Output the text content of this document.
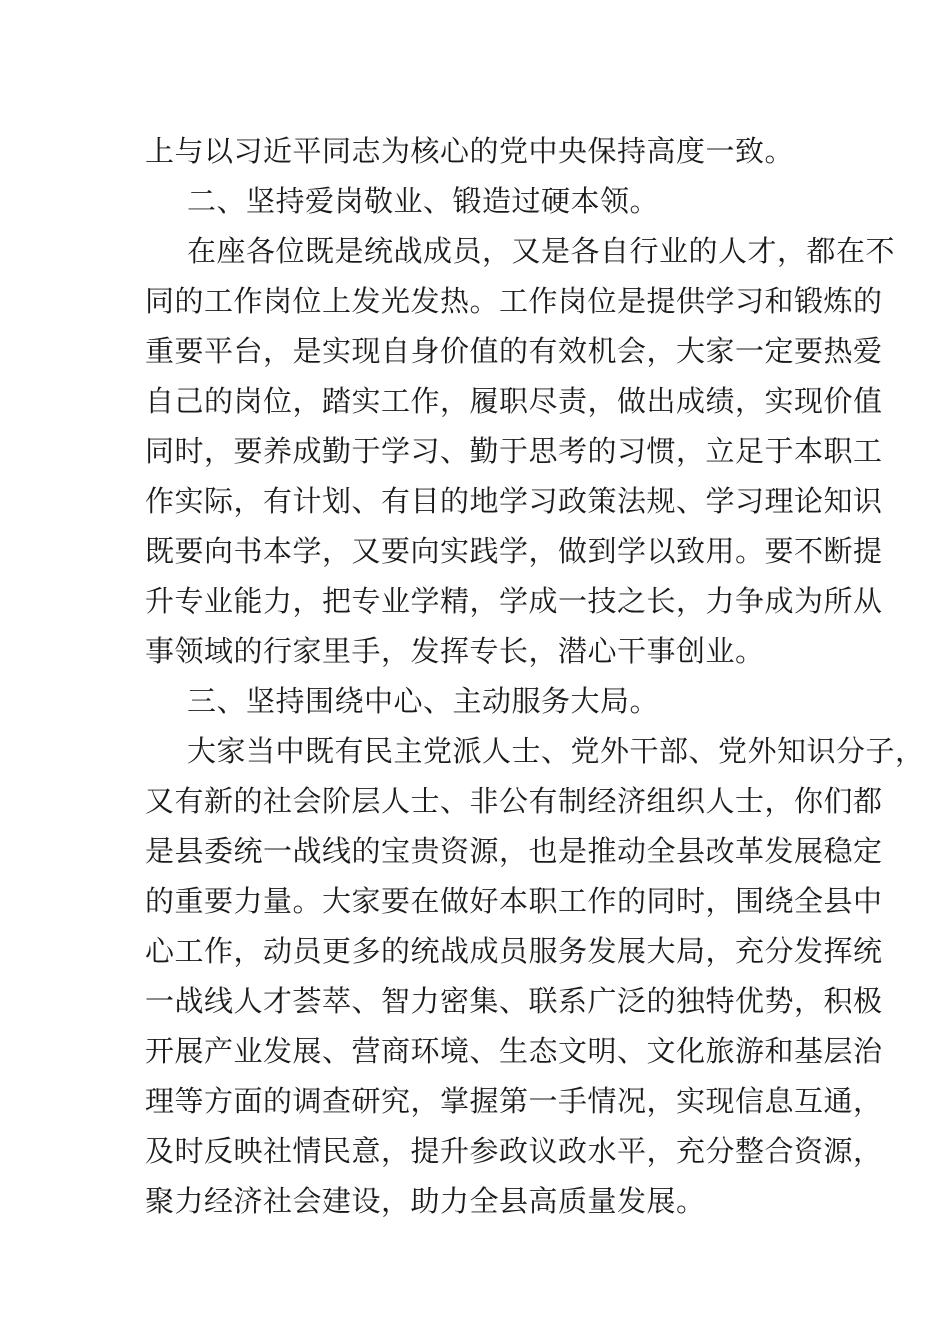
上与以习近平同志为核心的党中央保持高度一致。
二、坚持爱岗敬业、锻造过硬本领。
在座各位既是统战成员，又是各自行业的人才，都在不
同的工作岗位上发光发热。工作岗位是提供学习和锻炼的
重要平台，是实现自身价值的有效机会，大家一定要热爱
自己的岗位，踏实工作，履职尽责，做出成绩，实现价值
同时，要养成勤于学习、勤于思考的习惯，立足于本职工
作实际，有计划、有目的地学习政策法规、学习理论知识
既要向书本学，又要向实践学，做到学以致用。要不断提
升专业能力，把专业学精，学成一技之长，力争成为所从
事领域的行家里手，发挥专长，潜心干事创业。
三、坚持围绕中心、主动服务大局。
大家当中既有民主党派人士、党外干部、党外知识分子，
又有新的社会阶层人士、非公有制经济组织人士，你们都
是县委统一战线的宝贵资源，也是推动全县改革发展稳定
的重要力量。大家要在做好本职工作的同时，围绕全县中
心工作，动员更多的统战成员服务发展大局，充分发挥统
一战线人才荟萃、智力密集、联系广泛的独特优势，积极
开展产业发展、营商环境、生态文明、文化旅游和基层治
理等方面的调查研究，掌握第一手情况，实现信息互通，
及时反映社情民意，提升参政议政水平，充分整合资源，
聚力经济社会建设，助力全县高质量发展。
